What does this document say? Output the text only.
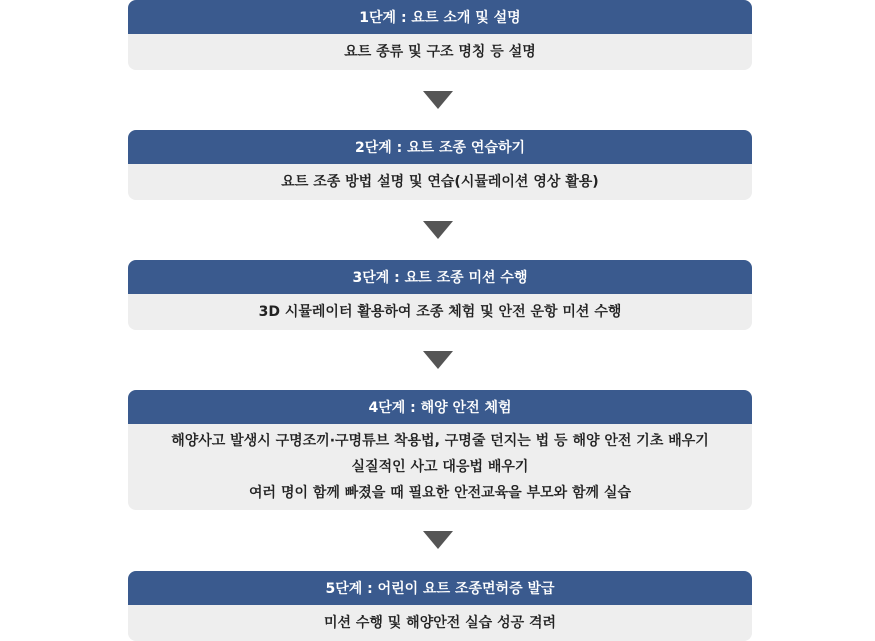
1단계 : 요트 소개 및 설명
요트 종류 및 구조 명칭 등 설명
2단계 : 요트 조종 연습하기
요트 조종 방법 설명 및 연습(시뮬레이션 영상 활용)
3단계 : 요트 조종 미션 수행
3D 시뮬레이터 활용하여 조종 체험 및 안전 운항 미션 수행
4단계 : 해양 안전 체험
해양사고 발생시 구명조끼·구명튜브 착용법, 구명줄 던지는 법 등 해양 안전 기초 배우기
실질적인 사고 대응법 배우기
여러 명이 함께 빠졌을 때 필요한 안전교육을 부모와 함께 실습
5단계 : 어린이 요트 조종면허증 발급
미션 수행 및 해양안전 실습 성공 격려
